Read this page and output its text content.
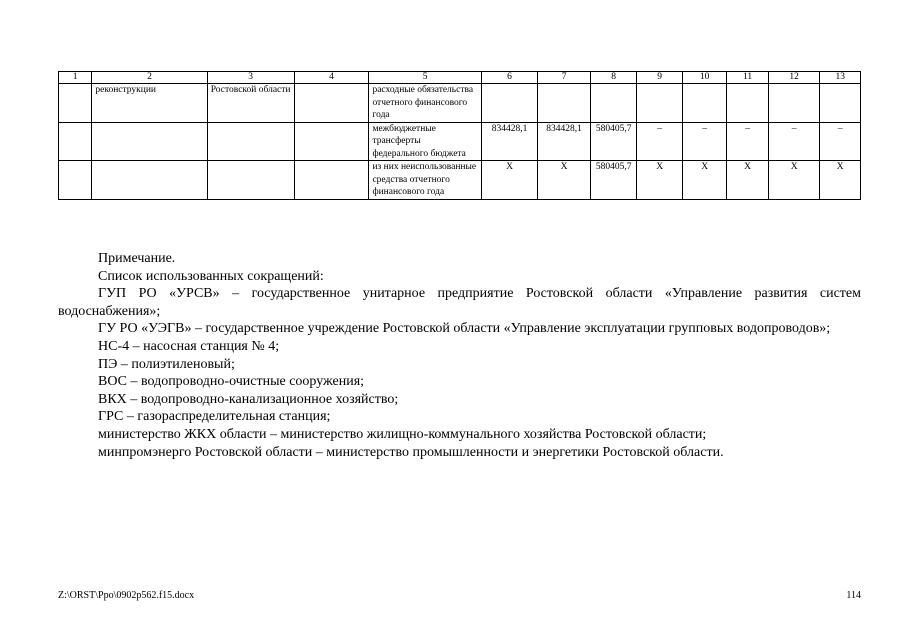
1	2	3	4	5	6	7	8	9	10	11	12	13
	реконструкции	Ростовской области		расходные обязательства отчетного финансового года								
				межбюджетные трансферты федерального бюджета	834428,1	834428,1	580405,7	–	–	–	–	–
				из них неиспользованные средства отчетного финансового года	X	X	580405,7	X	X	X	X	X

Примечание.

Список использованных сокращений:

ГУП РО «УРСВ» – государственное унитарное предприятие Ростовской области «Управление развития систем водоснабжения»;

ГУ РО «УЭГВ» – государственное учреждение Ростовской области «Управление эксплуатации групповых водопроводов»;

НС-4 – насосная станция № 4;

ПЭ – полиэтиленовый;

ВОС – водопроводно-очистные сооружения;

ВКХ – водопроводно-канализационное хозяйство;

ГРС – газораспределительная станция;

министерство ЖКХ области – министерство жилищно-коммунального хозяйства Ростовской области;

минпромэнерго Ростовской области – министерство промышленности и энергетики Ростовской области.

Z:\ORST\Ppo\0902p562.f15.docx	114
